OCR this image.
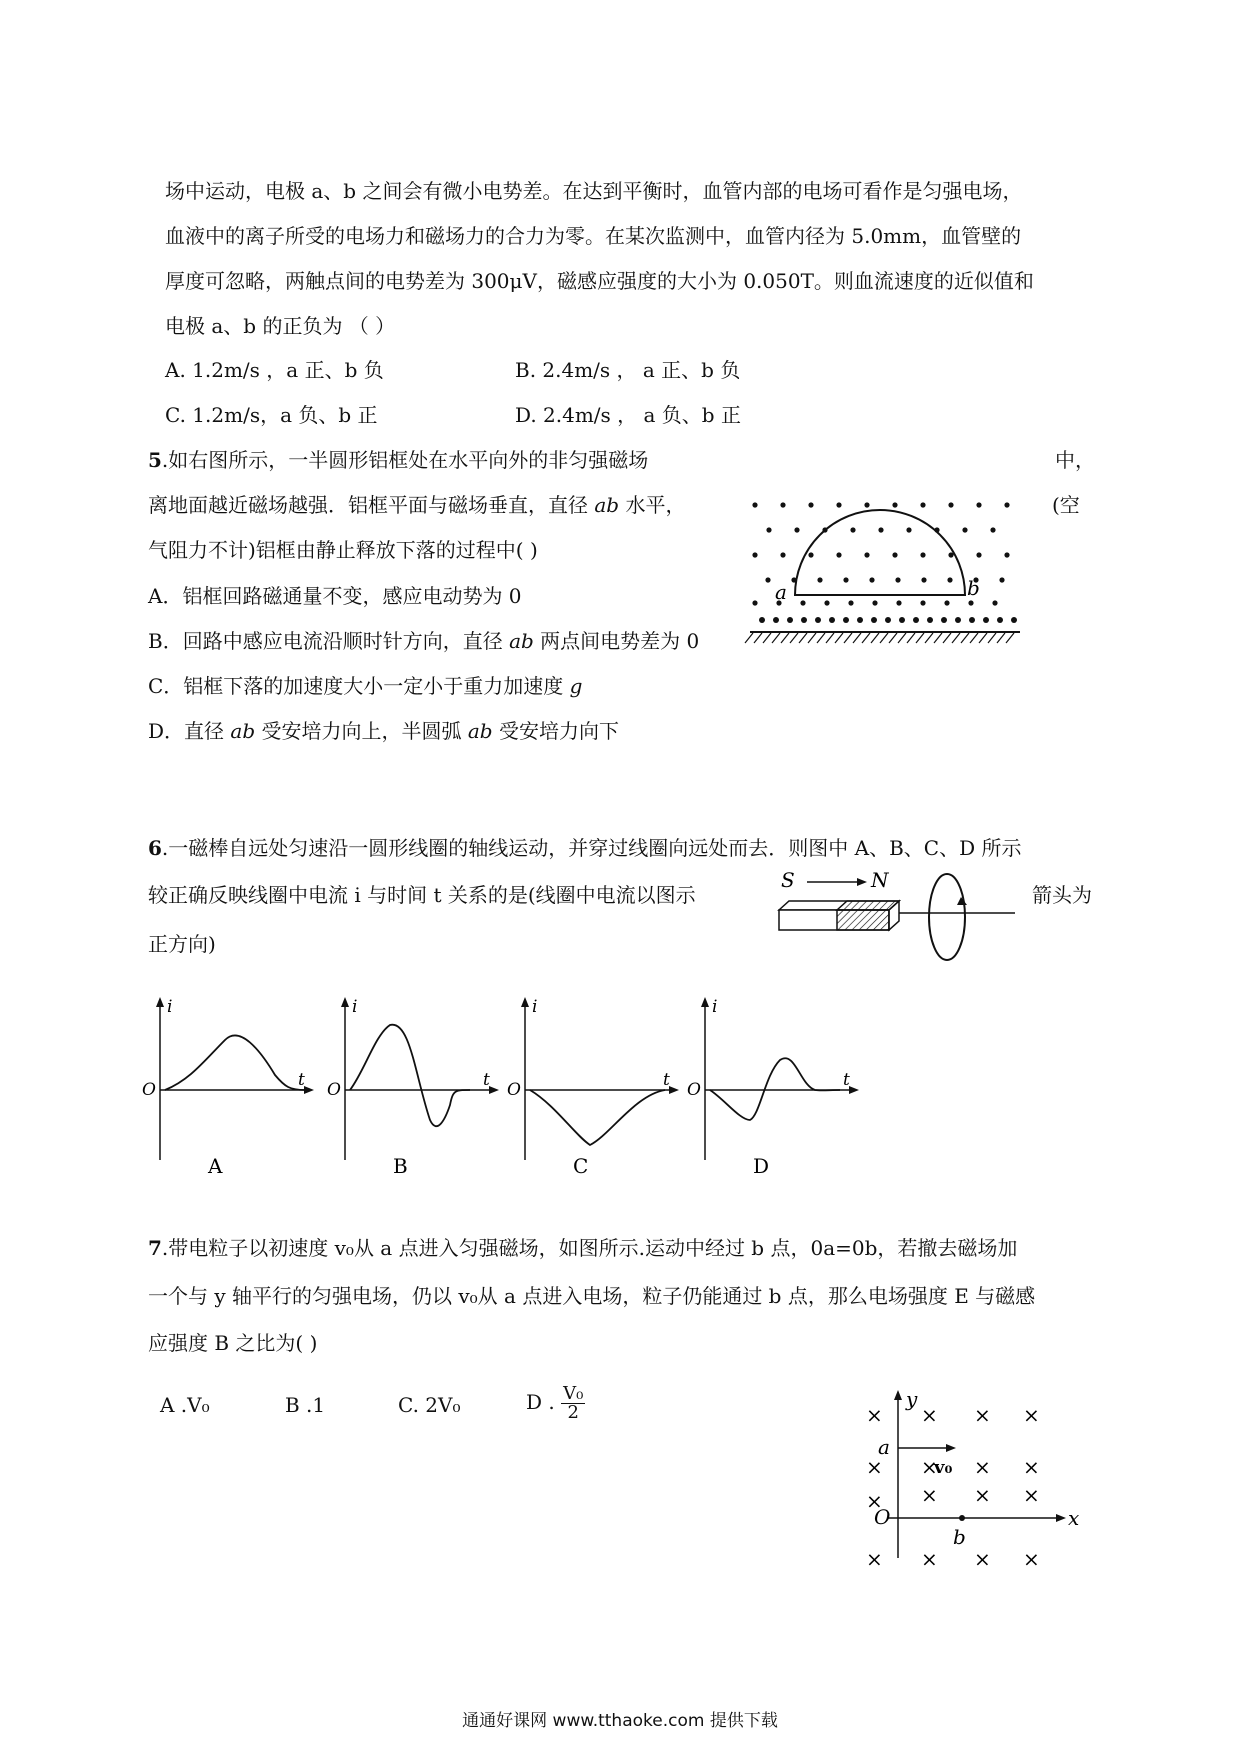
场中运动，电极 a、b 之间会有微小电势差。在达到平衡时，血管内部的电场可看作是匀强电场，
血液中的离子所受的电场力和磁场力的合力为零。在某次监测中，血管内径为 5.0mm，血管壁的
厚度可忽略，两触点间的电势差为 300μV，磁感应强度的大小为 0.050T。则血流速度的近似值和
电极 a、b 的正负为 （ ）
A. 1.2m/s ，a 正、b 负	B. 2.4m/s ， a 正、b 负
C. 1.2m/s，a 负、b 正	D. 2.4m/s ， a 负、b 正
5.如右图所示，一半圆形铝框处在水平向外的非匀强磁场	中，
离地面越近磁场越强．铝框平面与磁场垂直，直径 ab 水平，	(空
气阻力不计)铝框由静止释放下落的过程中( )
A．铝框回路磁通量不变，感应电动势为 0
B．回路中感应电流沿顺时针方向，直径 ab 两点间电势差为 0
C．铝框下落的加速度大小一定小于重力加速度 g
D．直径 ab 受安培力向上，半圆弧 ab 受安培力向下
a	b
6.一磁棒自远处匀速沿一圆形线圈的轴线运动，并穿过线圈向远处而去．则图中 A、B、C、D 所示
较正确反映线圈中电流 i 与时间 t 关系的是(线圈中电流以图示	箭头为
正方向)
S	N
i
t
O
A
i
t
O
B
i
t
O
C
i
t
O
D
7.带电粒子以初速度 v₀从 a 点进入匀强磁场，如图所示.运动中经过 b 点，0a=0b，若撤去磁场加
一个与 y 轴平行的匀强电场，仍以 v₀从 a 点进入电场，粒子仍能通过 b 点，那么电场强度 E 与磁感
应强度 B 之比为( )
A .V₀	B .1	C. 2V₀	D . $\frac{\text{V₀}}{2}$	y
x
a
O
b
v₀
× × × ×
×	× ×
× × ×
× × × ×
×
×
通通好课网 www.tthaoke.com 提供下载
